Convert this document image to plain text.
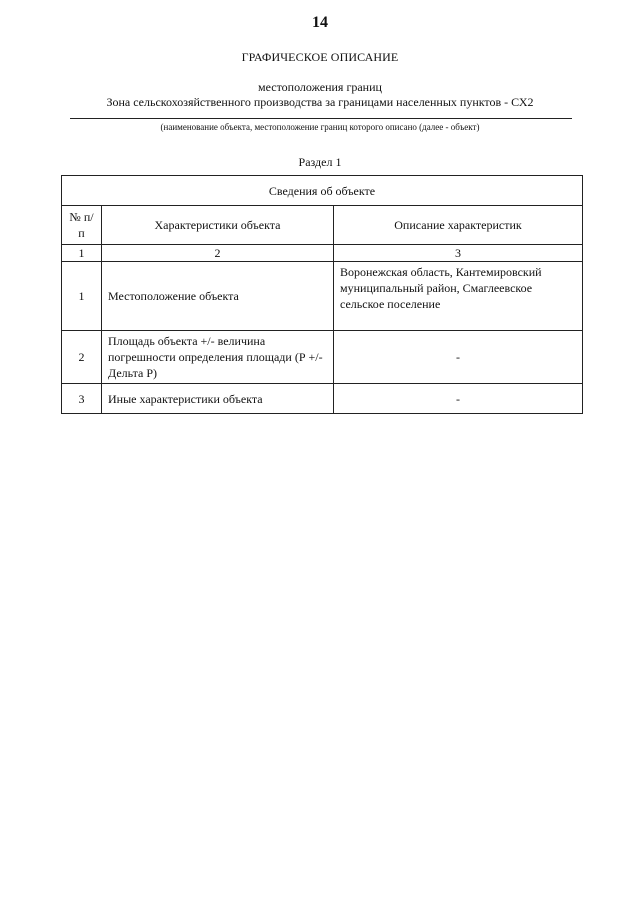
14
ГРАФИЧЕСКОЕ ОПИСАНИЕ
местоположения границ
Зона сельскохозяйственного производства за границами населенных пунктов - СХ2
(наименование объекта, местоположение границ которого описано (далее - объект)
Раздел 1
Сведения об объекте		
№ п/п	Характеристики объекта	Описание характеристик
1	2	3
1	Местоположение объекта	Воронежская область, Кантемировский муниципальный район, Смаглеевское сельское поселение
2	Площадь объекта +/- величина погрешности определения площади (Р +/- Дельта Р)	-
3	Иные характеристики объекта	-
